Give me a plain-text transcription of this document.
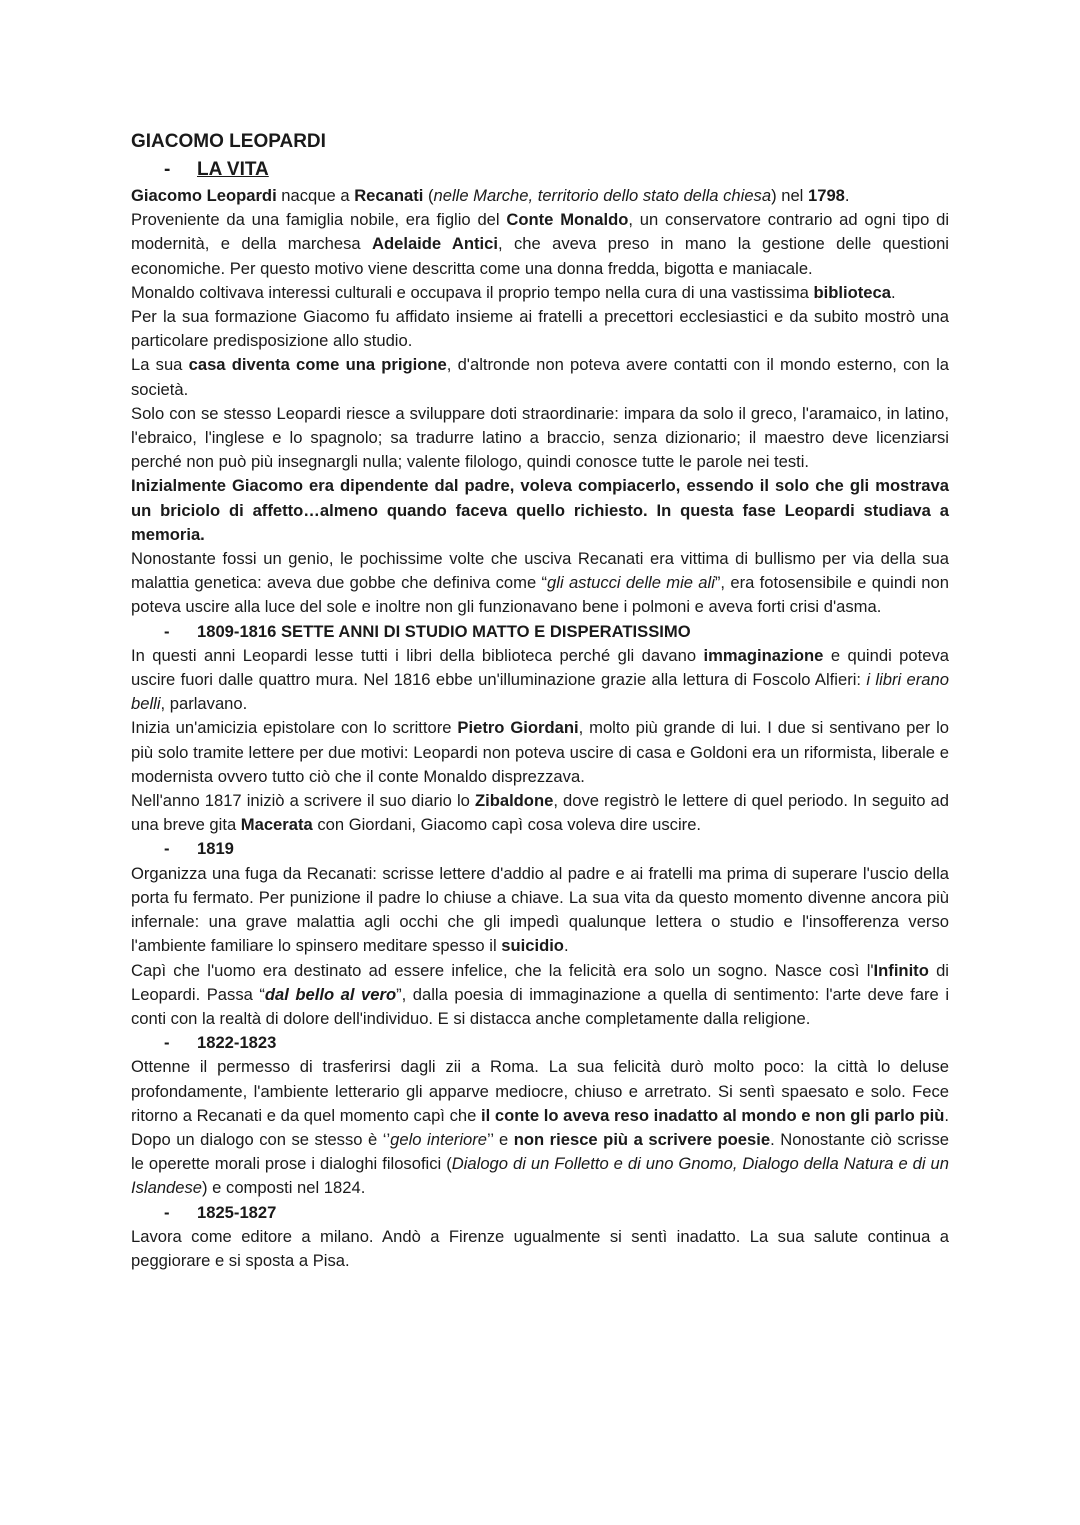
GIACOMO LEOPARDI
- LA VITA

Giacomo Leopardi nacque a Recanati (nelle Marche, territorio dello stato della chiesa) nel 1798.

Proveniente da una famiglia nobile, era figlio del Conte Monaldo, un conservatore contrario ad ogni tipo di modernità, e della marchesa Adelaide Antici, che aveva preso in mano la gestione delle questioni economiche. Per questo motivo viene descritta come una donna fredda, bigotta e maniacale.

Monaldo coltivava interessi culturali e occupava il proprio tempo nella cura di una vastissima biblioteca.

Per la sua formazione Giacomo fu affidato insieme ai fratelli a precettori ecclesiastici e da subito mostrò una particolare predisposizione allo studio.

La sua casa diventa come una prigione, d'altronde non poteva avere contatti con il mondo esterno, con la società.

Solo con se stesso Leopardi riesce a sviluppare doti straordinarie: impara da solo il greco, l'aramaico, in latino, l'ebraico, l'inglese e lo spagnolo; sa tradurre latino a braccio, senza dizionario; il maestro deve licenziarsi perché non può più insegnargli nulla; valente filologo, quindi conosce tutte le parole nei testi.

Inizialmente Giacomo era dipendente dal padre, voleva compiacerlo, essendo il solo che gli mostrava un briciolo di affetto…almeno quando faceva quello richiesto. In questa fase Leopardi studiava a memoria.

Nonostante fossi un genio, le pochissime volte che usciva Recanati era vittima di bullismo per via della sua malattia genetica: aveva due gobbe che definiva come “gli astucci delle mie ali”, era fotosensibile e quindi non poteva uscire alla luce del sole e inoltre non gli funzionavano bene i polmoni e aveva forti crisi d'asma.

- 1809-1816 SETTE ANNI DI STUDIO MATTO E DISPERATISSIMO

In questi anni Leopardi lesse tutti i libri della biblioteca perché gli davano immaginazione e quindi poteva uscire fuori dalle quattro mura. Nel 1816 ebbe un'illuminazione grazie alla lettura di Foscolo Alfieri: i libri erano belli, parlavano.

Inizia un'amicizia epistolare con lo scrittore Pietro Giordani, molto più grande di lui. I due si sentivano per lo più solo tramite lettere per due motivi: Leopardi non poteva uscire di casa e Goldoni era un riformista, liberale e modernista ovvero tutto ciò che il conte Monaldo disprezzava.

Nell'anno 1817 iniziò a scrivere il suo diario lo Zibaldone, dove registrò le lettere di quel periodo. In seguito ad una breve gita Macerata con Giordani, Giacomo capì cosa voleva dire uscire.

- 1819

Organizza una fuga da Recanati: scrisse lettere d'addio al padre e ai fratelli ma prima di superare l'uscio della porta fu fermato. Per punizione il padre lo chiuse a chiave. La sua vita da questo momento divenne ancora più infernale: una grave malattia agli occhi che gli impedì qualunque lettera o studio e l'insofferenza verso l'ambiente familiare lo spinsero meditare spesso il suicidio.

Capì che l'uomo era destinato ad essere infelice, che la felicità era solo un sogno. Nasce così l'Infinito di Leopardi. Passa “dal bello al vero”, dalla poesia di immaginazione a quella di sentimento: l'arte deve fare i conti con la realtà di dolore dell'individuo. E si distacca anche completamente dalla religione.

- 1822-1823

Ottenne il permesso di trasferirsi dagli zii a Roma. La sua felicità durò molto poco: la città lo deluse profondamente, l'ambiente letterario gli apparve mediocre, chiuso e arretrato. Si sentì spaesato e solo. Fece ritorno a Recanati e da quel momento capì che il conte lo aveva reso inadatto al mondo e non gli parlo più. Dopo un dialogo con se stesso è ‘’gelo interiore’’ e non riesce più a scrivere poesie. Nonostante ciò scrisse le operette morali prose i dialoghi filosofici (Dialogo di un Folletto e di uno Gnomo, Dialogo della Natura e di un Islandese) e composti nel 1824.

- 1825-1827

Lavora come editore a milano. Andò a Firenze ugualmente si sentì inadatto. La sua salute continua a peggiorare e si sposta a Pisa.
